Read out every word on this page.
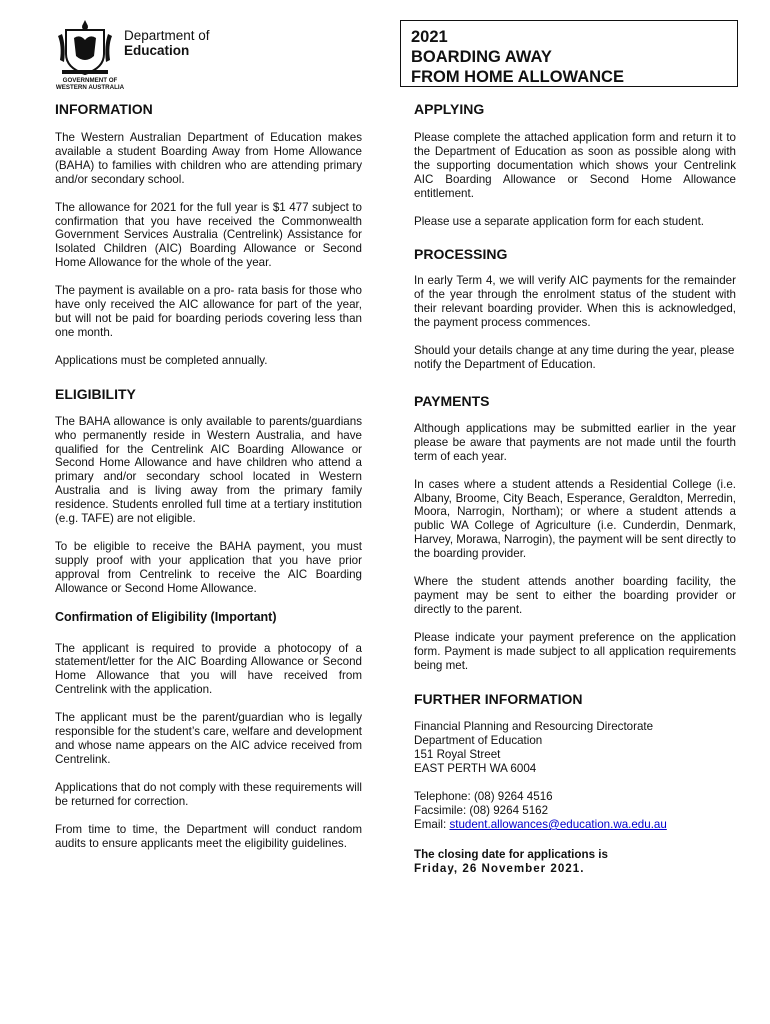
Department of
Education
GOVERNMENT OF
WESTERN AUSTRALIA
2021
BOARDING AWAY
FROM HOME ALLOWANCE
INFORMATION

The Western Australian Department of Education makes available a student Boarding Away from Home Allowance (BAHA) to families with children who are attending primary and/or secondary school.

The allowance for 2021 for the full year is $1 477 subject to confirmation that you have received the Commonwealth Government Services Australia (Centrelink) Assistance for Isolated Children (AIC) Boarding Allowance or Second Home Allowance for the whole of the year.

The payment is available on a pro- rata basis for those who have only received the AIC allowance for part of the year, but will not be paid for boarding periods covering less than one month.

Applications must be completed annually.

ELIGIBILITY

The BAHA allowance is only available to parents/guardians who permanently reside in Western Australia, and have qualified for the Centrelink AIC Boarding Allowance or Second Home Allowance and have children who attend a primary and/or secondary school located in Western Australia and is living away from the primary family residence. Students enrolled full time at a tertiary institution (e.g. TAFE) are not eligible.

To be eligible to receive the BAHA payment, you must supply proof with your application that you have prior approval from Centrelink to receive the AIC Boarding Allowance or Second Home Allowance.

Confirmation of Eligibility (Important)

The applicant is required to provide a photocopy of a statement/letter for the AIC Boarding Allowance or Second Home Allowance that you will have received from Centrelink with the application.

The applicant must be the parent/guardian who is legally responsible for the student’s care, welfare and development and whose name appears on the AIC advice received from Centrelink.

Applications that do not comply with these requirements will be returned for correction.

From time to time, the Department will conduct random audits to ensure applicants meet the eligibility guidelines.

APPLYING

Please complete the attached application form and return it to the Department of Education as soon as possible along with the supporting documentation which shows your Centrelink AIC Boarding Allowance or Second Home Allowance entitlement.

Please use a separate application form for each student.

PROCESSING

In early Term 4, we will verify AIC payments for the remainder of the year through the enrolment status of the student with their relevant boarding provider. When this is acknowledged, the payment process commences.

Should your details change at any time during the year, please notify the Department of Education.

PAYMENTS

Although applications may be submitted earlier in the year please be aware that payments are not made until the fourth term of each year.

In cases where a student attends a Residential College (i.e. Albany, Broome, City Beach, Esperance, Geraldton, Merredin, Moora, Narrogin, Northam); or where a student attends a public WA College of Agriculture (i.e. Cunderdin, Denmark, Harvey, Morawa, Narrogin), the payment will be sent directly to the boarding provider.

Where the student attends another boarding facility, the payment may be sent to either the boarding provider or directly to the parent.

Please indicate your payment preference on the application form. Payment is made subject to all application requirements being met.

FURTHER INFORMATION
Financial Planning and Resourcing Directorate
Department of Education
151 Royal Street
EAST PERTH WA 6004
Telephone: (08) 9264 4516
Facsimile: (08) 9264 5162
Email: student.allowances@education.wa.edu.au
The closing date for applications is
Friday, 26 November 2021.
